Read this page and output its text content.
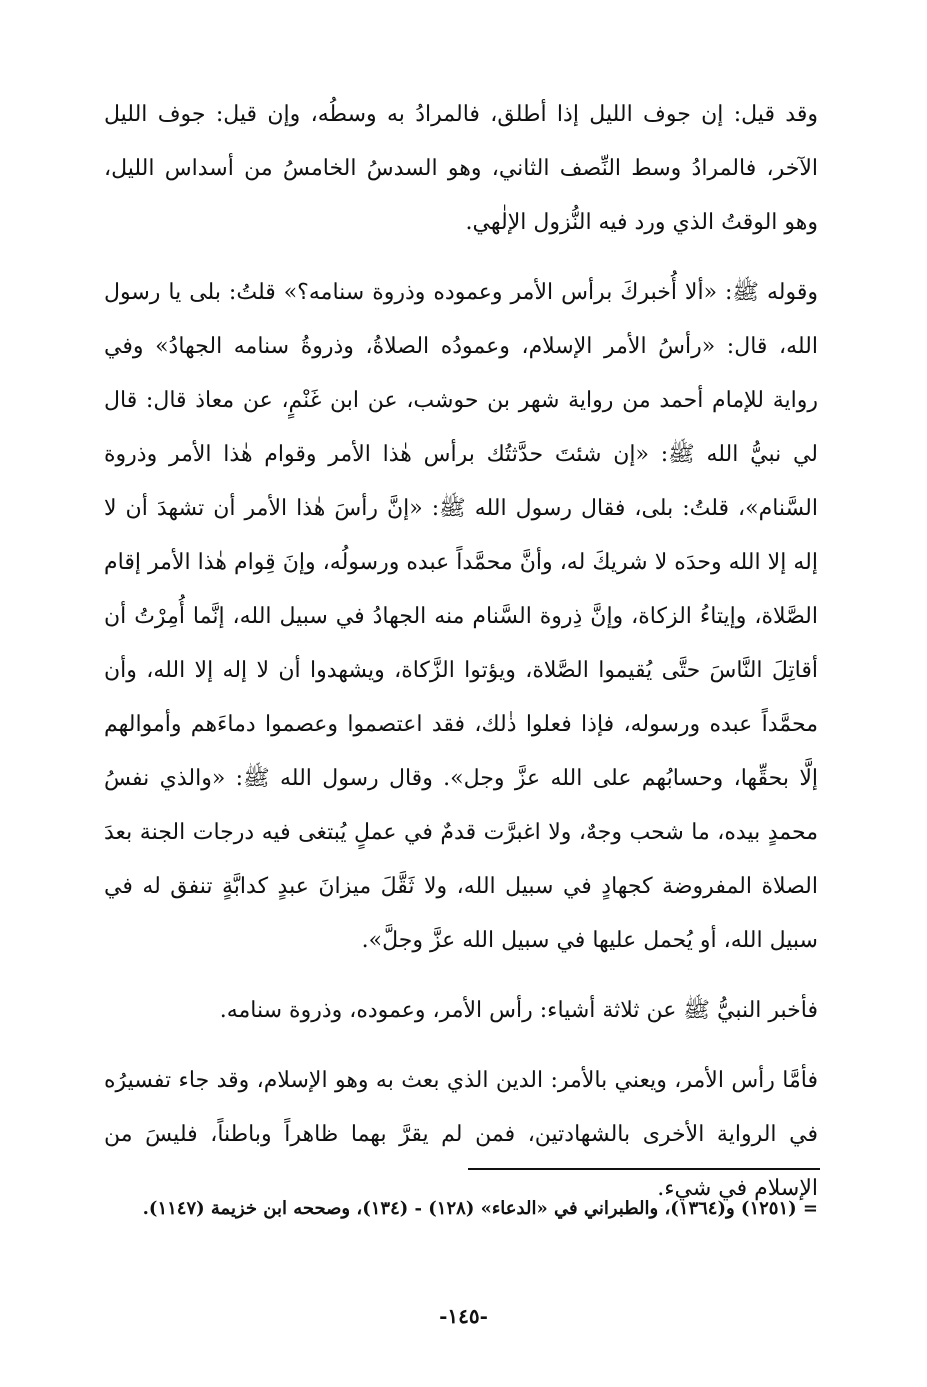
وقد قيل: إن جوف الليل إذا أطلق، فالمرادُ به وسطُه، وإن قيل: جوف الليل الآخر، فالمرادُ وسط النِّصف الثاني، وهو السدسُ الخامسُ من أسداس الليل، وهو الوقتُ الذي ورد فيه النُّزول الإلٰهي.

وقوله ﷺ: «ألا أُخبركَ برأس الأمر وعموده وذروة سنامه؟» قلتُ: بلى يا رسول الله، قال: «رأسُ الأمر الإسلام، وعمودُه الصلاةُ، وذروةُ سنامه الجهادُ» وفي رواية للإمام أحمد من رواية شهر بن حوشب، عن ابن غَنْمٍ، عن معاذ قال: قال لي نبيُّ الله ﷺ: «إن شئتَ حدَّثتُك برأس هٰذا الأمر وقوام هٰذا الأمر وذروة السَّنام»، قلتُ: بلى، فقال رسول الله ﷺ: «إنَّ رأسَ هٰذا الأمر أن تشهدَ أن لا إله إلا الله وحدَه لا شريكَ له، وأنَّ محمَّداً عبده ورسولُه، وإنَ قِوام هٰذا الأمر إقام الصَّلاة، وإيتاءُ الزكاة، وإنَّ ذِروة السَّنام منه الجهادُ في سبيل الله، إنَّما أُمِرْتُ أن أقاتِلَ النَّاسَ حتَّى يُقيموا الصَّلاة، ويؤتوا الزَّكاة، ويشهدوا أن لا إله إلا الله، وأن محمَّداً عبده ورسوله، فإذا فعلوا ذٰلك، فقد اعتصموا وعصموا دماءَهم وأموالهم إلَّا بحقِّها، وحسابُهم على الله عزَّ وجل». وقال رسول الله ﷺ: «والذي نفسُ محمدٍ بيده، ما شحب وجهٌ، ولا اغبرَّت قدمٌ في عملٍ يُبتغى فيه درجات الجنة بعدَ الصلاة المفروضة كجهادٍ في سبيل الله، ولا ثَقَّلَ ميزانَ عبدٍ كدابَّةٍ تنفق له في سبيل الله، أو يُحمل عليها في سبيل الله عزَّ وجلَّ».

فأخبر النبيُّ ﷺ عن ثلاثة أشياء: رأس الأمر، وعموده، وذروة سنامه.

فأمَّا رأس الأمر، ويعني بالأمر: الدين الذي بعث به وهو الإسلام، وقد جاء تفسيرُه في الرواية الأخرى بالشهادتين، فمن لم يقرَّ بهما ظاهراً وباطناً، فليسَ من الإسلام في شيء.

= (١٢٥١) و(١٣٦٤)، والطبراني في «الدعاء» (١٢٨) - (١٣٤)، وصححه ابن خزيمة (١١٤٧).

-١٤٥-
